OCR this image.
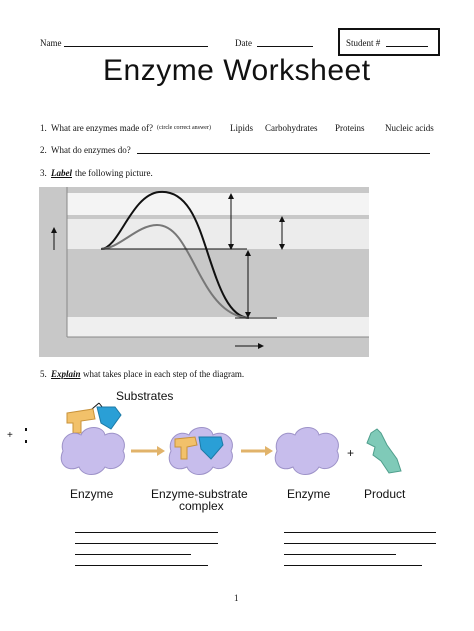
Name	Date	Student #
Enzyme Worksheet
1. What are enzymes made of? (circle correct answer) Lipids Carbohydrates Proteins Nucleic acids
2. What do enzymes do?
3. Label the following picture.
5. Explain what takes place in each step of the diagram.
+
Substrates
Enzyme	Enzyme-substrate
complex
Enzyme
+
Product
1
